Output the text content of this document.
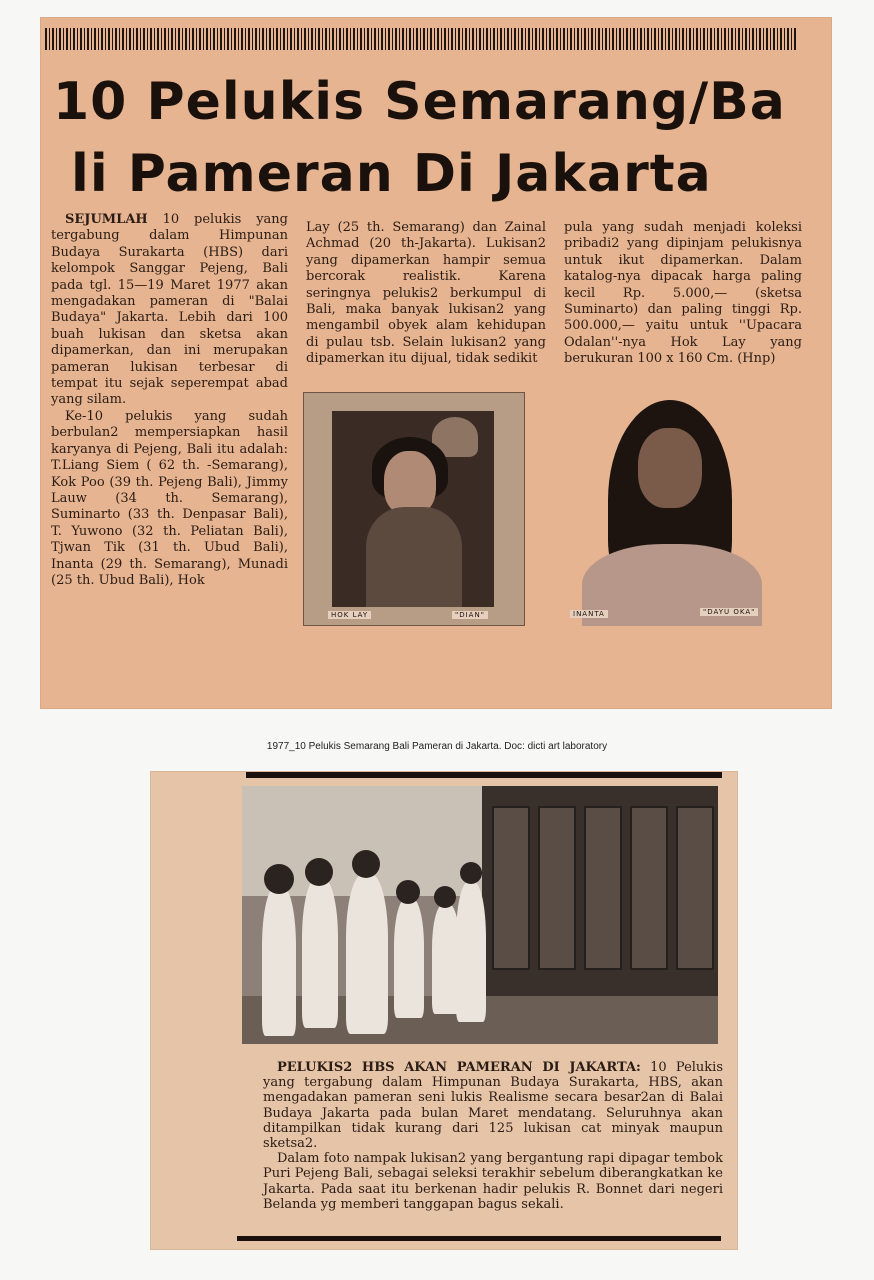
10 Pelukis Semarang/Ba
li Pameran Di Jakarta

SEJUMLAH 10 pelukis yang tergabung dalam Himpunan Budaya Surakarta (HBS) dari kelompok Sanggar Pejeng, Bali pada tgl. 15—19 Maret 1977 akan mengadakan pameran di "Balai Budaya" Jakarta. Lebih dari 100 buah lukisan dan sketsa akan dipamerkan, dan ini merupakan pameran lukisan terbesar di tempat itu sejak seperempat abad yang silam.

Ke-10 pelukis yang sudah berbulan2 mempersiapkan hasil karyanya di Pejeng, Bali itu adalah: T.Liang Siem ( 62 th. -Semarang), Kok Poo (39 th. Pejeng Bali), Jimmy Lauw (34 th. Semarang), Suminarto (33 th. Denpasar Bali), T. Yuwono (32 th. Peliatan Bali), Tjwan Tik (31 th. Ubud Bali), Inanta (29 th. Semarang), Munadi (25 th. Ubud Bali), Hok

Lay (25 th. Semarang) dan Zainal Achmad (20 th-Jakarta). Lukisan2 yang dipamerkan hampir semua bercorak realistik. Karena seringnya pelukis2 berkumpul di Bali, maka banyak lukisan2 yang mengambil obyek alam kehidupan di pulau tsb. Selain lukisan2 yang dipamerkan itu dijual, tidak sedikit

pula yang sudah menjadi koleksi pribadi2 yang dipinjam pelukisnya untuk ikut dipamerkan. Dalam katalog-nya dipacak harga paling kecil Rp. 5.000,— (sketsa Suminarto) dan paling tinggi Rp. 500.000,— yaitu untuk ''Upacara Odalan''-nya Hok Lay yang berukuran 100 x 160 Cm. (Hnp)

HOK LAY	"DIAN"	INANTA	"DAYU OKA"
1977_10 Pelukis Semarang Bali Pameran di Jakarta. Doc: dicti art laboratory

PELUKIS2 HBS AKAN PAMERAN DI JAKARTA: 10 Pelukis yang tergabung dalam Himpunan Budaya Surakarta, HBS, akan mengadakan pameran seni lukis Realisme secara besar2an di Balai Budaya Jakarta pada bulan Maret mendatang. Seluruhnya akan ditampilkan tidak kurang dari 125 lukisan cat minyak maupun sketsa2.

Dalam foto nampak lukisan2 yang bergantung rapi dipagar tembok Puri Pejeng Bali, sebagai seleksi terakhir sebelum diberangkatkan ke Jakarta. Pada saat itu berkenan hadir pelukis R. Bonnet dari negeri Belanda yg memberi tanggapan bagus sekali.
